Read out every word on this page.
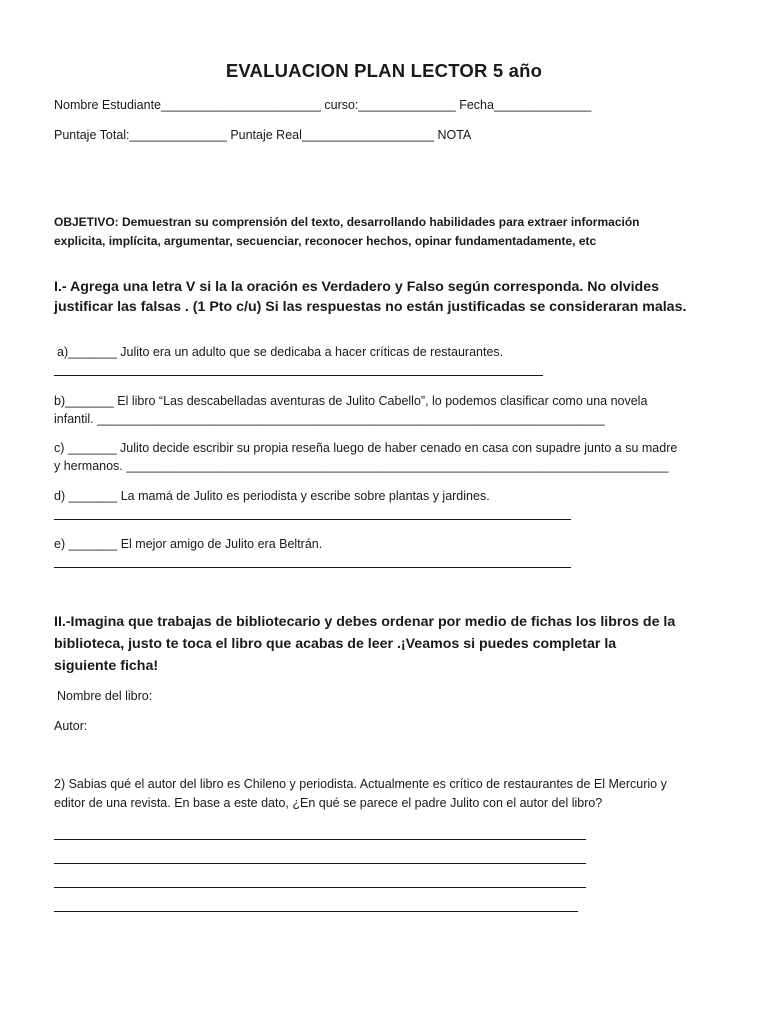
EVALUACION PLAN LECTOR 5 año
Nombre Estudiante_______________________ curso:______________ Fecha______________
Puntaje Total:______________ Puntaje Real___________________ NOTA
OBJETIVO: Demuestran su comprensión del texto, desarrollando habilidades para extraer información
explicita, implícita, argumentar, secuenciar, reconocer hechos, opinar fundamentadamente, etc
I.- Agrega una letra V si la la oración es Verdadero y Falso según corresponda. No olvides
justificar las falsas . (1 Pto c/u) Si las respuestas no están justificadas se consideraran malas.
a)_______ Julito era un adulto que se dedicaba a hacer críticas de restaurantes.
b)_______ El libro “Las descabelladas aventuras de Julito Cabello”, lo podemos clasificar como una novela
infantil. _________________________________________________________________________
c) _______ Julito decide escribir su propia reseña luego de haber cenado en casa con supadre junto a su madre
y hermanos. ______________________________________________________________________________
d) _______ La mamá de Julito es periodista y escribe sobre plantas y jardines.
e) _______ El mejor amigo de Julito era Beltrán.
II.-Imagina que trabajas de bibliotecario y debes ordenar por medio de fichas los libros de la
biblioteca, justo te toca el libro que acabas de leer .¡Veamos si puedes completar la
siguiente ficha!
Nombre del libro:
Autor:
2) Sabias qué el autor del libro es Chileno y periodista. Actualmente es crítico de restaurantes de El Mercurio y
editor de una revista. En base a este dato, ¿En qué se parece el padre Julito con el autor del libro?
